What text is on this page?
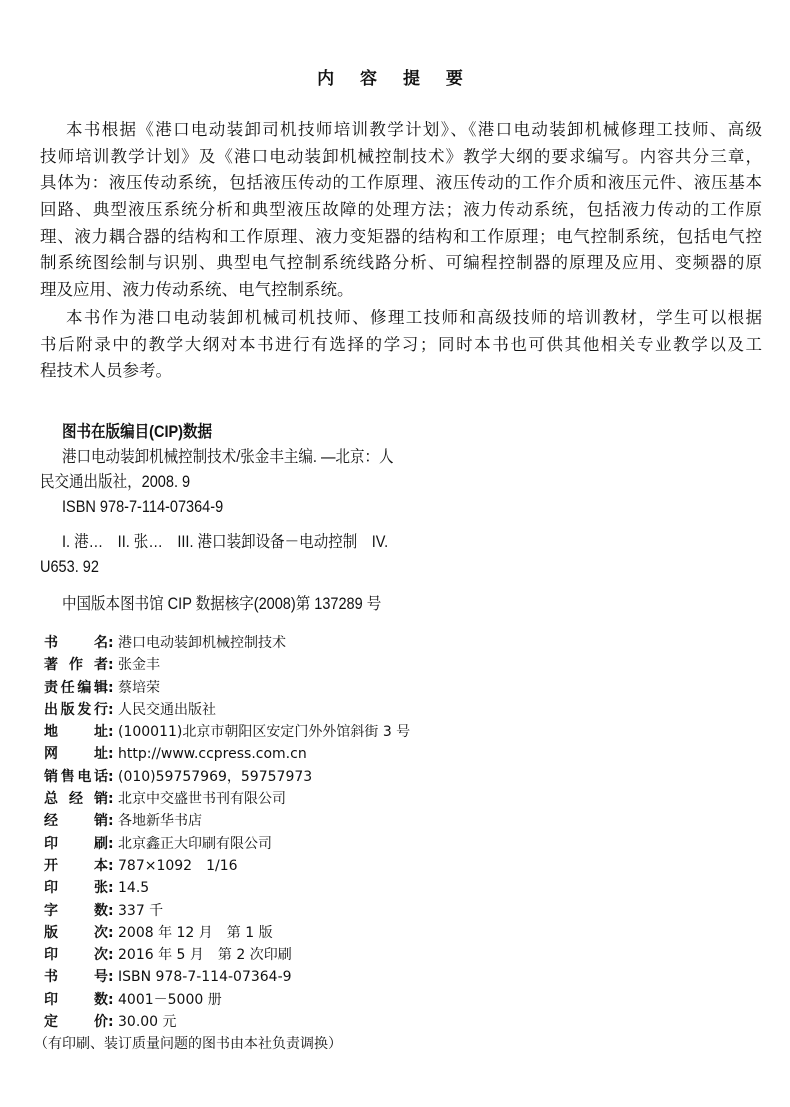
内 容 提 要
本书根据《港口电动装卸司机技师培训教学计划》、《港口电动装卸机械修理工技师、高级
技师培训教学计划》及《港口电动装卸机械控制技术》教学大纲的要求编写。内容共分三章，
具体为：液压传动系统，包括液压传动的工作原理、液压传动的工作介质和液压元件、液压基本
回路、典型液压系统分析和典型液压故障的处理方法；液力传动系统，包括液力传动的工作原
理、液力耦合器的结构和工作原理、液力变矩器的结构和工作原理；电气控制系统，包括电气控
制系统图绘制与识别、典型电气控制系统线路分析、可编程控制器的原理及应用、变频器的原
理及应用、液力传动系统、电气控制系统。
本书作为港口电动装卸机械司机技师、修理工技师和高级技师的培训教材，学生可以根据
书后附录中的教学大纲对本书进行有选择的学习；同时本书也可供其他相关专业教学以及工
程技术人员参考。
图书在版编目(CIP)数据
港口电动装卸机械控制技术/张金丰主编. —北京：人
民交通出版社，2008. 9
ISBN 978-7-114-07364-9
I. 港…　II. 张…　III. 港口装卸设备－电动控制　IV.
U653. 92
中国版本图书馆 CIP 数据核字(2008)第 137289 号
书名 : 港口电动装卸机械控制技术
著作者 : 张金丰
责任编辑 : 蔡培荣
出版发行 : 人民交通出版社
地址 : (100011)北京市朝阳区安定门外外馆斜街 3 号
网址 : http://www.ccpress.com.cn
销售电话 : (010)59757969，59757973
总经销 : 北京中交盛世书刊有限公司
经销 : 各地新华书店
印刷 : 北京鑫正大印刷有限公司
开本 : 787×1092　1/16
印张 : 14.5
字数 : 337 千
版次 : 2008 年 12 月　第 1 版
印次 : 2016 年 5 月　第 2 次印刷
书号 : ISBN 978-7-114-07364-9
印数 : 4001－5000 册
定价 : 30.00 元
（有印刷、装订质量问题的图书由本社负责调换）
